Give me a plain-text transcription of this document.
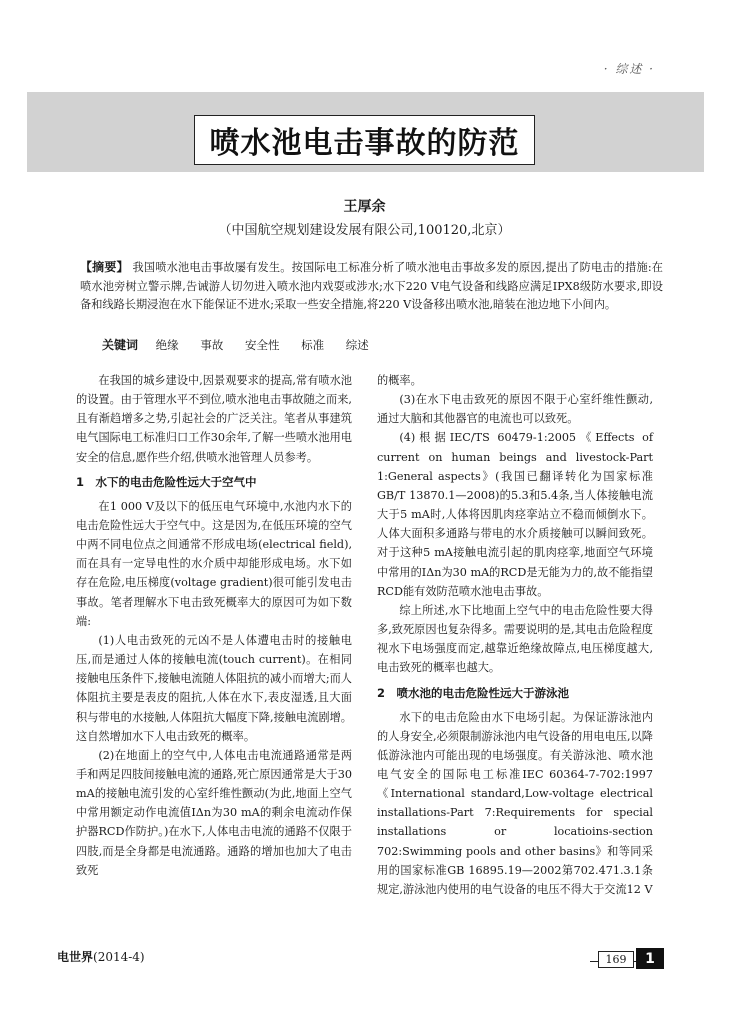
· 综述 ·
喷水池电击事故的防范
王厚余
（中国航空规划建设发展有限公司,100120,北京）
【摘要】 我国喷水池电击事故屡有发生。按国际电工标准分析了喷水池电击事故多发的原因,提出了防电击的措施:在喷水池旁树立警示牌,告诫游人切勿进入喷水池内戏耍或涉水;水下220 V电气设备和线路应满足IPX8级防水要求,即设备和线路长期浸泡在水下能保证不进水;采取一些安全措施,将220 V设备移出喷水池,暗装在池边地下小间内。
关键词 绝缘 事故 安全性 标准 综述

在我国的城乡建设中,因景观要求的提高,常有喷水池的设置。由于管理水平不到位,喷水池电击事故随之而来,且有渐趋增多之势,引起社会的广泛关注。笔者从事建筑电气国际电工标准归口工作30余年,了解一些喷水池用电安全的信息,愿作些介绍,供喷水池管理人员参考。

1　水下的电击危险性远大于空气中

在1 000 V及以下的低压电气环境中,水池内水下的电击危险性远大于空气中。这是因为,在低压环境的空气中两不同电位点之间通常不形成电场(electrical field),而在具有一定导电性的水介质中却能形成电场。水下如存在危险,电压梯度(voltage gradient)很可能引发电击事故。笔者理解水下电击致死概率大的原因可为如下数端:

(1)人电击致死的元凶不是人体遭电击时的接触电压,而是通过人体的接触电流(touch current)。在相同接触电压条件下,接触电流随人体阻抗的减小而增大;而人体阻抗主要是表皮的阻抗,人体在水下,表皮湿透,且大面积与带电的水接触,人体阻抗大幅度下降,接触电流剧增。这自然增加水下人电击致死的概率。

(2)在地面上的空气中,人体电击电流通路通常是两手和两足四肢间接触电流的通路,死亡原因通常是大于30 mA的接触电流引发的心室纤维性颤动(为此,地面上空气中常用额定动作电流值IΔn为30 mA的剩余电流动作保护器RCD作防护。)在水下,人体电击电流的通路不仅限于四肢,而是全身都是电流通路。通路的增加也加大了电击致死

的概率。

(3)在水下电击致死的原因不限于心室纤维性颤动,通过大脑和其他器官的电流也可以致死。

(4)根据IEC/TS 60479-1:2005《Effects of current on human beings and livestock-Part 1:General aspects》(我国已翻译转化为国家标准GB/T 13870.1—2008)的5.3和5.4条,当人体接触电流大于5 mA时,人体将因肌肉痉挛站立不稳而倾倒水下。人体大面积多通路与带电的水介质接触可以瞬间致死。对于这种5 mA接触电流引起的肌肉痉挛,地面空气环境中常用的IΔn为30 mA的RCD是无能为力的,故不能指望RCD能有效防范喷水池电击事故。

综上所述,水下比地面上空气中的电击危险性要大得多,致死原因也复杂得多。需要说明的是,其电击危险程度视水下电场强度而定,越靠近绝缘故障点,电压梯度越大,电击致死的概率也越大。

2　喷水池的电击危险性远大于游泳池

水下的电击危险由水下电场引起。为保证游泳池内的人身安全,必须限制游泳池内电气设备的用电电压,以降低游泳池内可能出现的电场强度。有关游泳池、喷水池电气安全的国际电工标准IEC 60364-7-702:1997《International standard,Low-voltage electrical installations-Part 7:Requirements for special installations or locatioins-section 702:Swimming pools and other basins》和等同采用的国家标准GB 16895.19—2002第702.471.3.1条规定,游泳池内使用的电气设备的电压不得大于交流12 V

电世界(2014-4)	169	1
